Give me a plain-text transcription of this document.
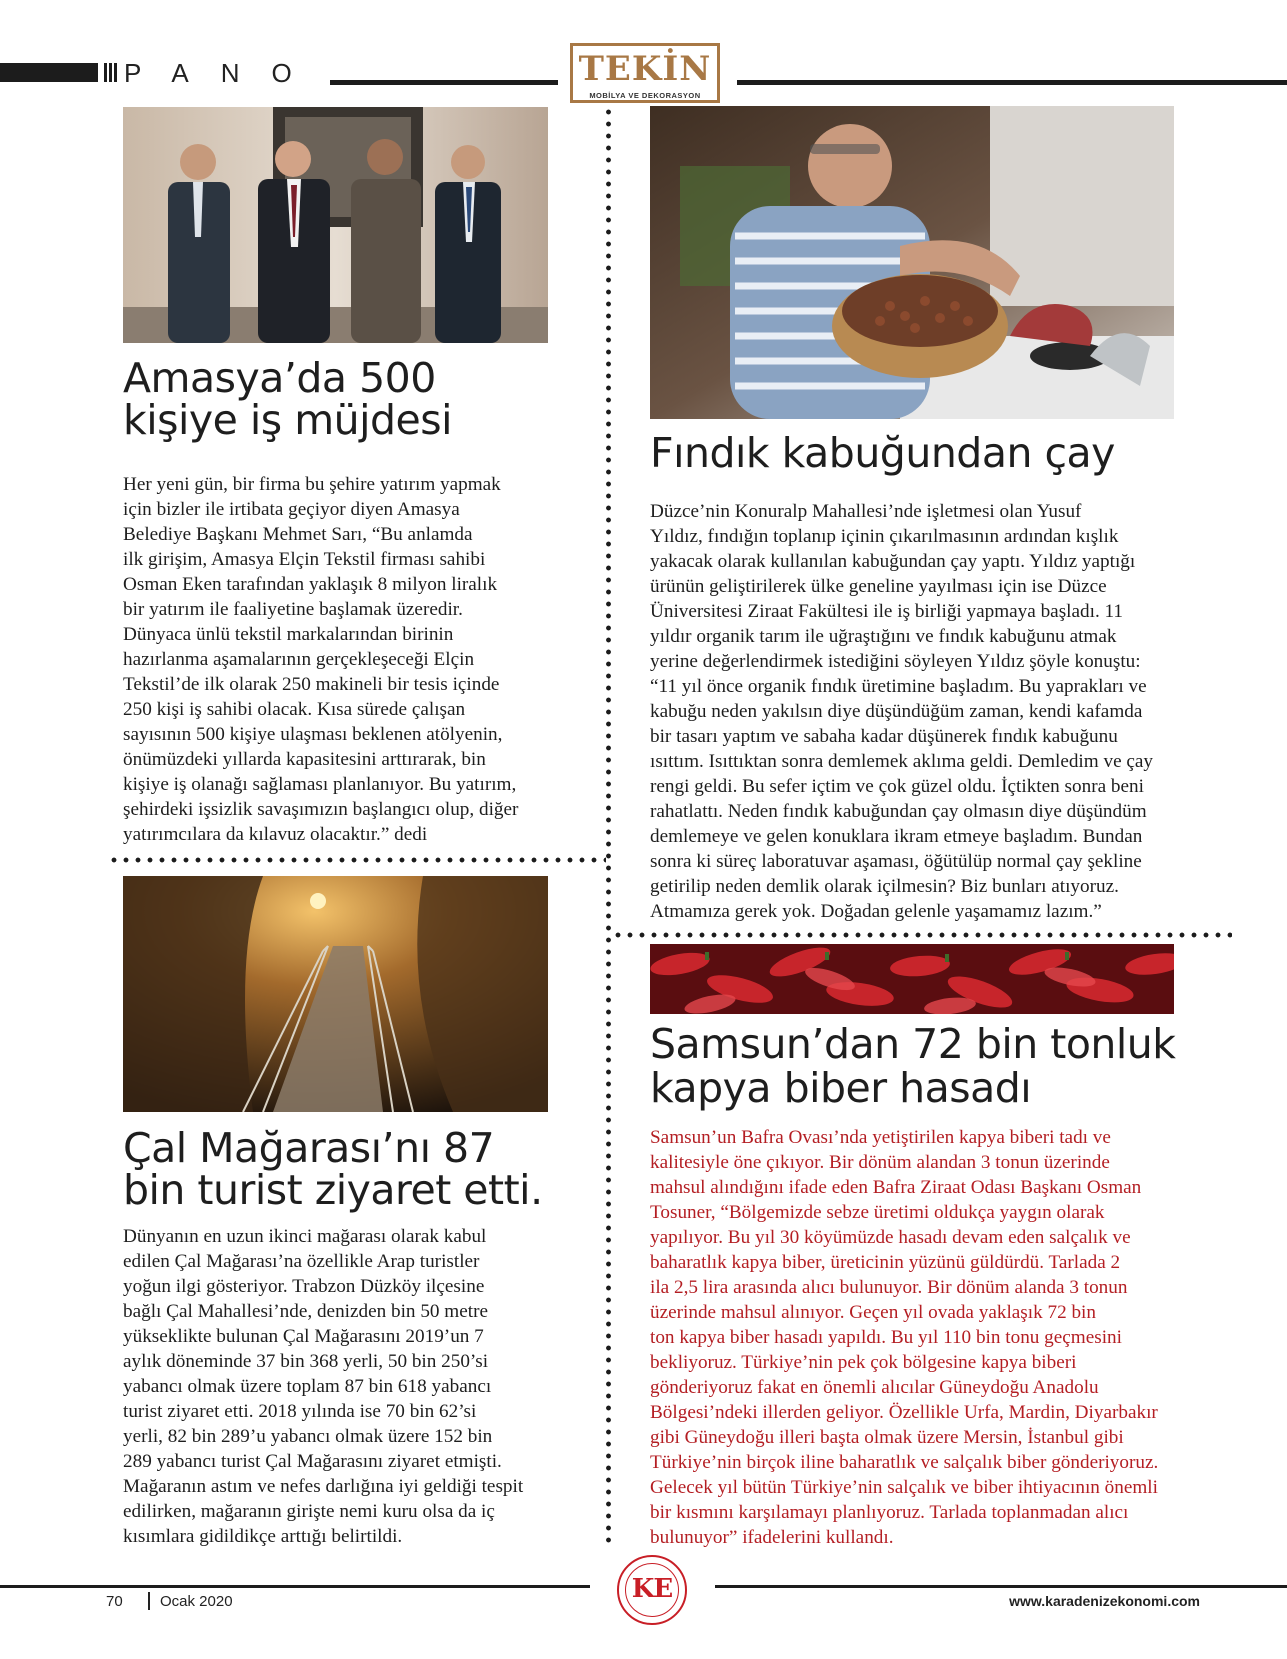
PANO	TEKİN
MOBİLYA VE DEKORASYON
Amasya’da 500
kişiye iş müjdesi
Her yeni gün, bir firma bu şehire yatırım yapmak
için bizler ile irtibata geçiyor diyen Amasya
Belediye Başkanı Mehmet Sarı, “Bu anlamda
ilk girişim, Amasya Elçin Tekstil firması sahibi
Osman Eken tarafından yaklaşık 8 milyon liralık
bir yatırım ile faaliyetine başlamak üzeredir.
Dünyaca ünlü tekstil markalarından birinin
hazırlanma aşamalarının gerçekleşeceği Elçin
Tekstil’de ilk olarak 250 makineli bir tesis içinde
250 kişi iş sahibi olacak. Kısa sürede çalışan
sayısının 500 kişiye ulaşması beklenen atölyenin,
önümüzdeki yıllarda kapasitesini arttırarak, bin
kişiye iş olanağı sağlaması planlanıyor. Bu yatırım,
şehirdeki işsizlik savaşımızın başlangıcı olup, diğer
yatırımcılara da kılavuz olacaktır.” dedi
Fındık kabuğundan çay
Düzce’nin Konuralp Mahallesi’nde işletmesi olan Yusuf
Yıldız, fındığın toplanıp içinin çıkarılmasının ardından kışlık
yakacak olarak kullanılan kabuğundan çay yaptı. Yıldız yaptığı
ürünün geliştirilerek ülke geneline yayılması için ise Düzce
Üniversitesi Ziraat Fakültesi ile iş birliği yapmaya başladı. 11
yıldır organik tarım ile uğraştığını ve fındık kabuğunu atmak
yerine değerlendirmek istediğini söyleyen Yıldız şöyle konuştu:
“11 yıl önce organik fındık üretimine başladım. Bu yaprakları ve
kabuğu neden yakılsın diye düşündüğüm zaman, kendi kafamda
bir tasarı yaptım ve sabaha kadar düşünerek fındık kabuğunu
ısıttım. Isıttıktan sonra demlemek aklıma geldi. Demledim ve çay
rengi geldi. Bu sefer içtim ve çok güzel oldu. İçtikten sonra beni
rahatlattı. Neden fındık kabuğundan çay olmasın diye düşündüm
demlemeye ve gelen konuklara ikram etmeye başladım. Bundan
sonra ki süreç laboratuvar aşaması, öğütülüp normal çay şekline
getirilip neden demlik olarak içilmesin? Biz bunları atıyoruz.
Atmamıza gerek yok. Doğadan gelenle yaşamamız lazım.”
Çal Mağarası’nı 87
bin turist ziyaret etti.
Dünyanın en uzun ikinci mağarası olarak kabul
edilen Çal Mağarası’na özellikle Arap turistler
yoğun ilgi gösteriyor. Trabzon Düzköy ilçesine
bağlı Çal Mahallesi’nde, denizden bin 50 metre
yükseklikte bulunan Çal Mağarasını 2019’un 7
aylık döneminde 37 bin 368 yerli, 50 bin 250’si
yabancı olmak üzere toplam 87 bin 618 yabancı
turist ziyaret etti. 2018 yılında ise 70 bin 62’si
yerli, 82 bin 289’u yabancı olmak üzere 152 bin
289 yabancı turist Çal Mağarasını ziyaret etmişti.
Mağaranın astım ve nefes darlığına iyi geldiği tespit
edilirken, mağaranın girişte nemi kuru olsa da iç
kısımlara gidildikçe arttığı belirtildi.
Samsun’dan 72 bin tonluk
kapya biber hasadı
Samsun’un Bafra Ovası’nda yetiştirilen kapya biberi tadı ve
kalitesiyle öne çıkıyor. Bir dönüm alandan 3 tonun üzerinde
mahsul alındığını ifade eden Bafra Ziraat Odası Başkanı Osman
Tosuner, “Bölgemizde sebze üretimi oldukça yaygın olarak
yapılıyor. Bu yıl 30 köyümüzde hasadı devam eden salçalık ve
baharatlık kapya biber, üreticinin yüzünü güldürdü. Tarlada 2
ila 2,5 lira arasında alıcı bulunuyor. Bir dönüm alanda 3 tonun
üzerinde mahsul alınıyor. Geçen yıl ovada yaklaşık 72 bin
ton kapya biber hasadı yapıldı. Bu yıl 110 bin tonu geçmesini
bekliyoruz. Türkiye’nin pek çok bölgesine kapya biberi
gönderiyoruz fakat en önemli alıcılar Güneydoğu Anadolu
Bölgesi’ndeki illerden geliyor. Özellikle Urfa, Mardin, Diyarbakır
gibi Güneydoğu illeri başta olmak üzere Mersin, İstanbul gibi
Türkiye’nin birçok iline baharatlık ve salçalık biber gönderiyoruz.
Gelecek yıl bütün Türkiye’nin salçalık ve biber ihtiyacının önemli
bir kısmını karşılamayı planlıyoruz. Tarlada toplanmadan alıcı
bulunuyor” ifadelerini kullandı.
70 Ocak 2020	KE	www.karadenizekonomi.com
